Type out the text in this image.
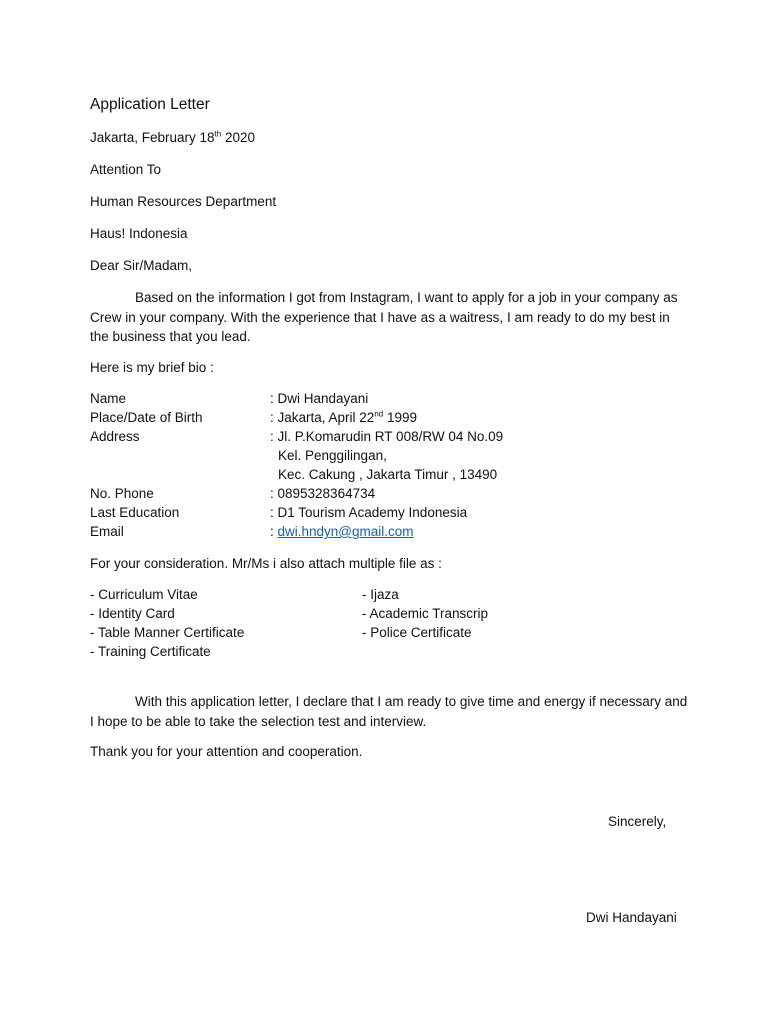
Application Letter
Jakarta, February 18th 2020
Attention To
Human Resources Department
Haus! Indonesia
Dear Sir/Madam,
Based on the information I got from Instagram, I want to apply for a job in your company as Crew in your company. With the experience that I have as a waitress, I am ready to do my best in the business that you lead.
Here is my brief bio :
Name	: Dwi Handayani
Place/Date of Birth	: Jakarta, April 22nd 1999
Address	: Jl. P.Komarudin RT 008/RW 04 No.09
Kel. Penggilingan,
Kec. Cakung , Jakarta Timur , 13490
No. Phone	: 0895328364734
Last Education	: D1 Tourism Academy Indonesia
Email	: dwi.hndyn@gmail.com
For your consideration. Mr/Ms i also attach multiple file as :
- Curriculum Vitae
- Identity Card
- Table Manner Certificate
- Training Certificate
- Ijaza
- Academic Transcrip
- Police Certificate
With this application letter, I declare that I am ready to give time and energy if necessary and I hope to be able to take the selection test and interview.
Thank you for your attention and cooperation.
Sincerely,
Dwi Handayani
